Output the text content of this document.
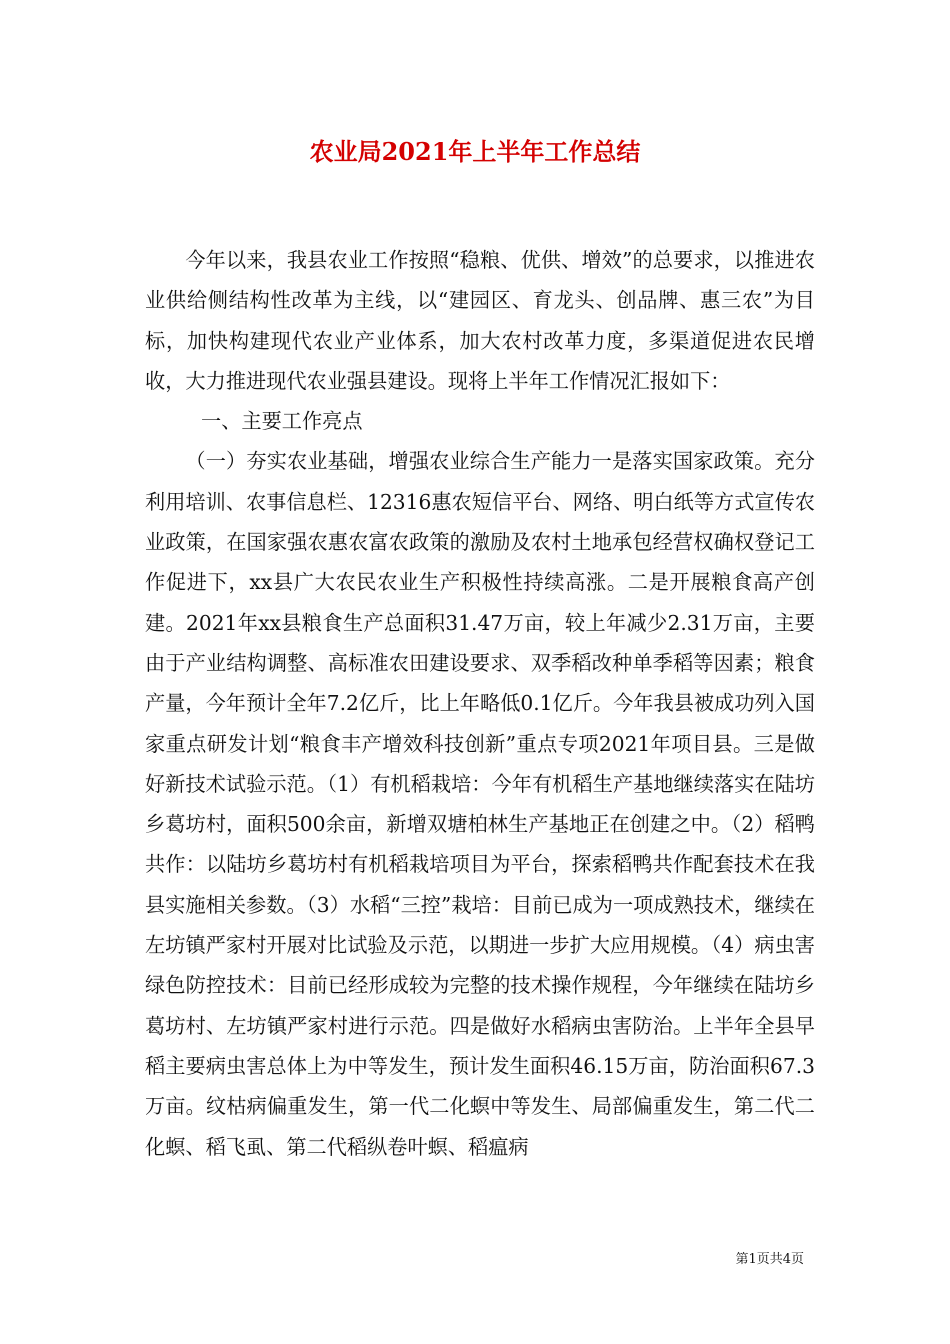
农业局2021年上半年工作总结

今年以来，我县农业工作按照“稳粮、优供、增效”的总要求，以推进农业供给侧结构性改革为主线，以“建园区、育龙头、创品牌、惠三农”为目标，加快构建现代农业产业体系，加大农村改革力度，多渠道促进农民增收，大力推进现代农业强县建设。现将上半年工作情况汇报如下：

一、主要工作亮点

（一）夯实农业基础，增强农业综合生产能力一是落实国家政策。充分利用培训、农事信息栏、12316惠农短信平台、网络、明白纸等方式宣传农业政策，在国家强农惠农富农政策的激励及农村土地承包经营权确权登记工作促进下，xx县广大农民农业生产积极性持续高涨。二是开展粮食高产创建。2021年xx县粮食生产总面积31.47万亩，较上年减少2.31万亩，主要由于产业结构调整、高标准农田建设要求、双季稻改种单季稻等因素；粮食产量，今年预计全年7.2亿斤，比上年略低0.1亿斤。今年我县被成功列入国家重点研发计划“粮食丰产增效科技创新”重点专项2021年项目县。三是做好新技术试验示范。（1）有机稻栽培：今年有机稻生产基地继续落实在陆坊乡葛坊村，面积500余亩，新增双塘柏林生产基地正在创建之中。（2）稻鸭共作：以陆坊乡葛坊村有机稻栽培项目为平台，探索稻鸭共作配套技术在我县实施相关参数。（3）水稻“三控”栽培：目前已成为一项成熟技术，继续在左坊镇严家村开展对比试验及示范，以期进一步扩大应用规模。（4）病虫害绿色防控技术：目前已经形成较为完整的技术操作规程，今年继续在陆坊乡葛坊村、左坊镇严家村进行示范。四是做好水稻病虫害防治。上半年全县早稻主要病虫害总体上为中等发生，预计发生面积46.15万亩，防治面积67.3万亩。纹枯病偏重发生，第一代二化螟中等发生、局部偏重发生，第二代二化螟、稻飞虱、第二代稻纵卷叶螟、稻瘟病

第1页共4页
